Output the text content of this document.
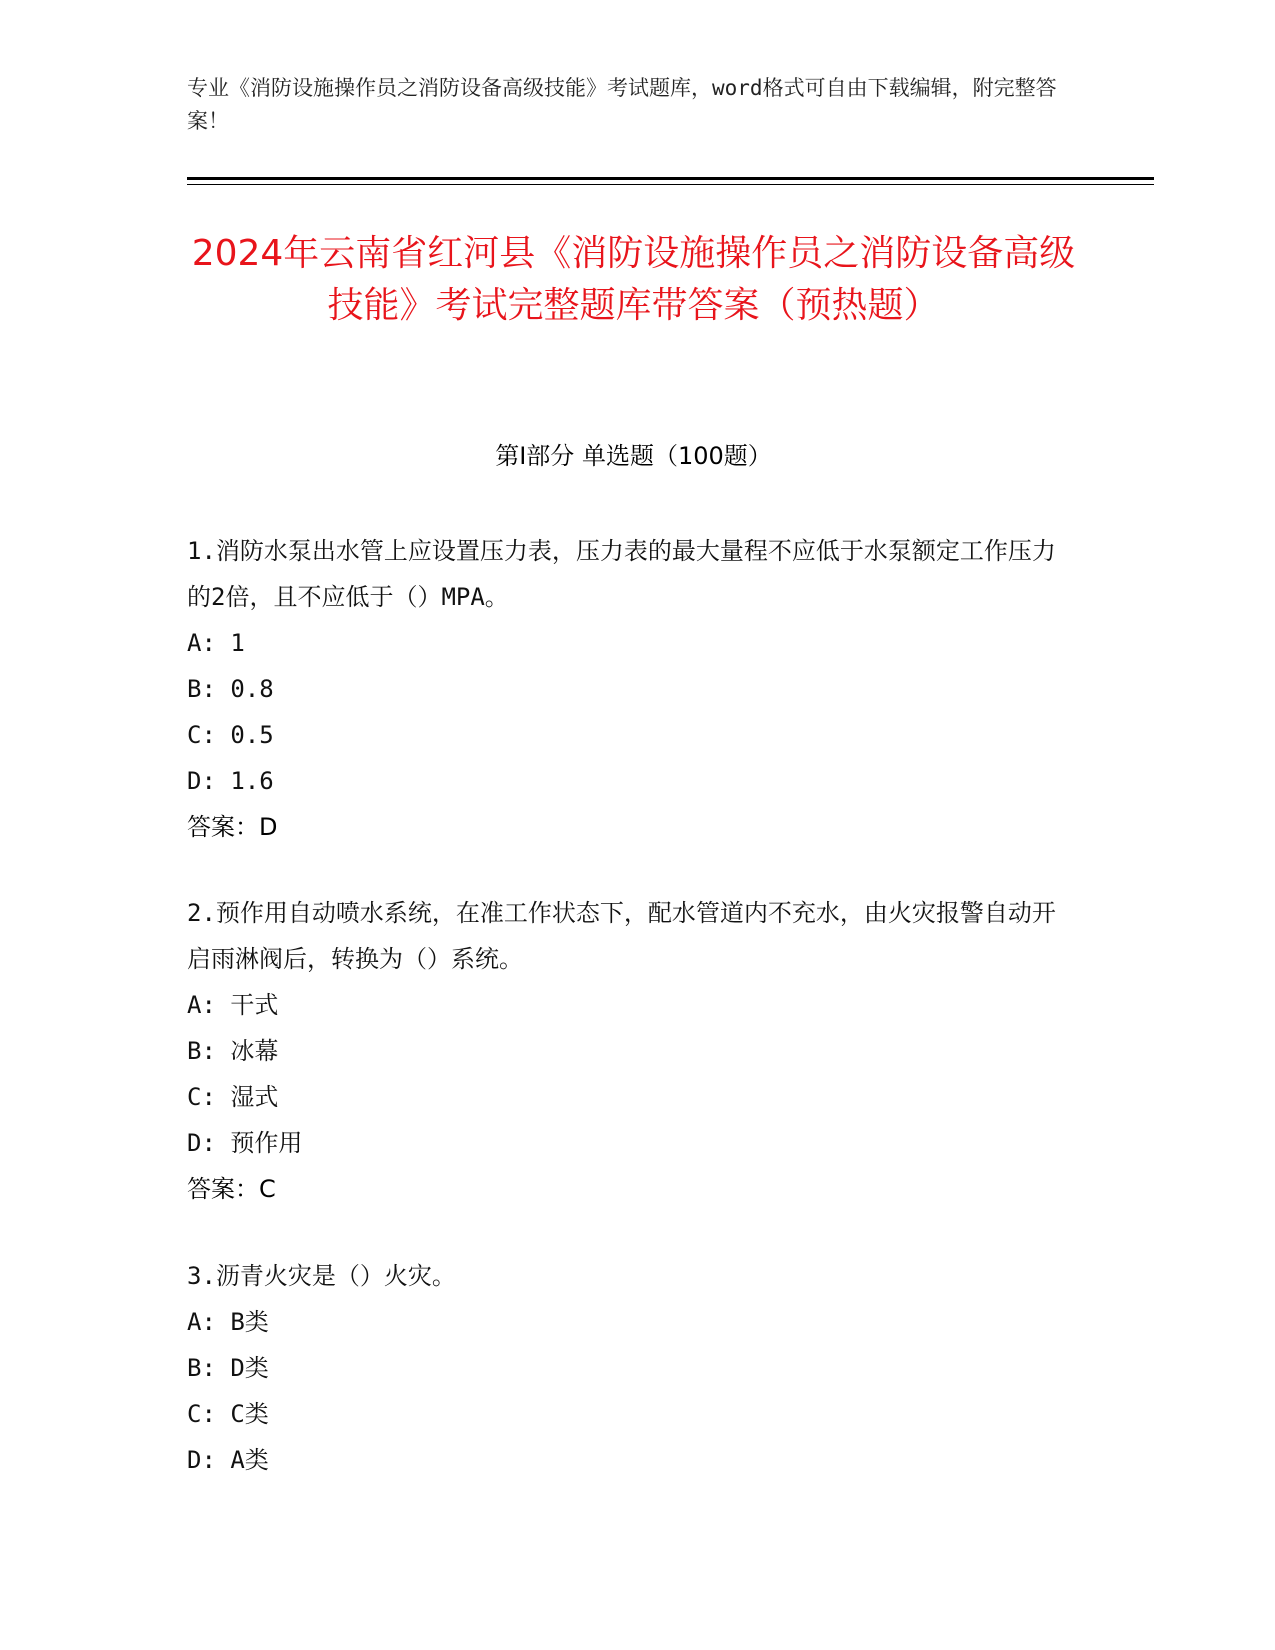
专业《消防设施操作员之消防设备高级技能》考试题库，word格式可自由下载编辑，附完整答案！
2024年云南省红河县《消防设施操作员之消防设备高级技能》考试完整题库带答案（预热题）
第I部分 单选题（100题）
1.消防水泵出水管上应设置压力表，压力表的最大量程不应低于水泵额定工作压力的2倍，且不应低于（）MPA。
A: 1
B: 0.8
C: 0.5
D: 1.6
答案：D
2.预作用自动喷水系统，在准工作状态下，配水管道内不充水，由火灾报警自动开启雨淋阀后，转换为（）系统。
A: 干式
B: 冰幕
C: 湿式
D: 预作用
答案：C
3.沥青火灾是（）火灾。
A: B类
B: D类
C: C类
D: A类
